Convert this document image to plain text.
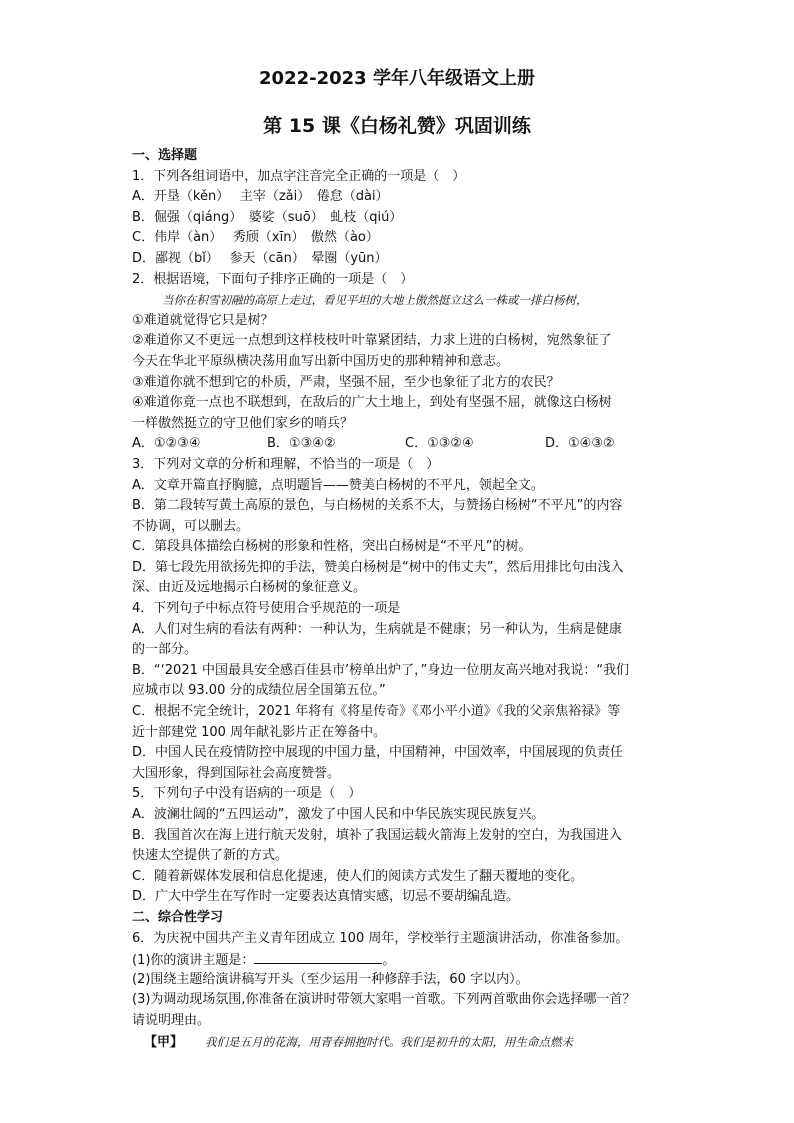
2022-2023 学年八年级语文上册
第 15 课《白杨礼赞》巩固训练
一、选择题
1．下列各组词语中，加点字注音完全正确的一项是（　）
A．开垦（kěn）　 主宰（zǎi）　倦怠（dài）
B．倔强（qiáng）　婆娑（suō）　虬枝（qiú）
C．伟岸（àn）　 秀颀（xīn）　傲然（ào）
D．鄙视（bǐ）　 参天（cān）　晕圈（yūn）
2．根据语境，下面句子排序正确的一项是（　）
当你在积雪初融的高原上走过，看见平坦的大地上傲然挺立这么一株或一排白杨树，
①难道就觉得它只是树？
②难道你又不更远一点想到这样枝枝叶叶靠紧团结，力求上进的白杨树，宛然象征了
今天在华北平原纵横决荡用血写出新中国历史的那种精神和意志。
③难道你就不想到它的朴质，严肃，坚强不屈，至少也象征了北方的农民？
④难道你竟一点也不联想到，在敌后的广大土地上，到处有坚强不屈，就像这白杨树
一样傲然挺立的守卫他们家乡的哨兵？
A．①②③④	B．①③④②	C．①③②④	D．①④③②
3．下列对文章的分析和理解，不恰当的一项是（　）
A．文章开篇直抒胸臆，点明题旨——赞美白杨树的不平凡，领起全文。
B．第二段转写黄土高原的景色，与白杨树的关系不大，与赞扬白杨树“不平凡”的内容
不协调，可以删去。
C．第段具体描绘白杨树的形象和性格，突出白杨树是“不平凡”的树。
D．第七段先用欲扬先抑的手法，赞美白杨树是“树中的伟丈夫”，然后用排比句由浅入
深、由近及远地揭示白杨树的象征意义。
4．下列句子中标点符号使用合乎规范的一项是
A．人们对生病的看法有两种：一种认为，生病就是不健康；另一种认为，生病是健康
的一部分。
B．“‘2021 中国最具安全感百佳县市’榜单出炉了，”身边一位朋友高兴地对我说：“我们
应城市以 93.00 分的成绩位居全国第五位。”
C．根据不完全统计，2021 年将有《将星传奇》《邓小平小道》《我的父亲焦裕禄》等
近十部建党 100 周年献礼影片正在筹备中。
D．中国人民在疫情防控中展现的中国力量，中国精神，中国效率，中国展现的负责任
大国形象，得到国际社会高度赞誉。
5．下列句子中没有语病的一项是（　）
A．波澜壮阔的“五四运动”，激发了中国人民和中华民族实现民族复兴。
B．我国首次在海上进行航天发射，填补了我国运载火箭海上发射的空白，为我国进入
快速太空提供了新的方式。
C．随着新媒体发展和信息化提速，使人们的阅读方式发生了翻天覆地的变化。
D．广大中学生在写作时一定要表达真情实感，切忌不要胡编乱造。
二、综合性学习
6．为庆祝中国共产主义青年团成立 100 周年，学校举行主题演讲活动，你准备参加。
(1)你的演讲主题是：	。
(2)围绕主题给演讲稿写开头（至少运用一种修辞手法，60 字以内）。
(3)为调动现场氛围,你准备在演讲时带领大家唱一首歌。下列两首歌曲你会选择哪一首？
请说明理由。
【甲】 我们是五月的花海，用青春拥抱时代。我们是初升的太阳，用生命点燃未
